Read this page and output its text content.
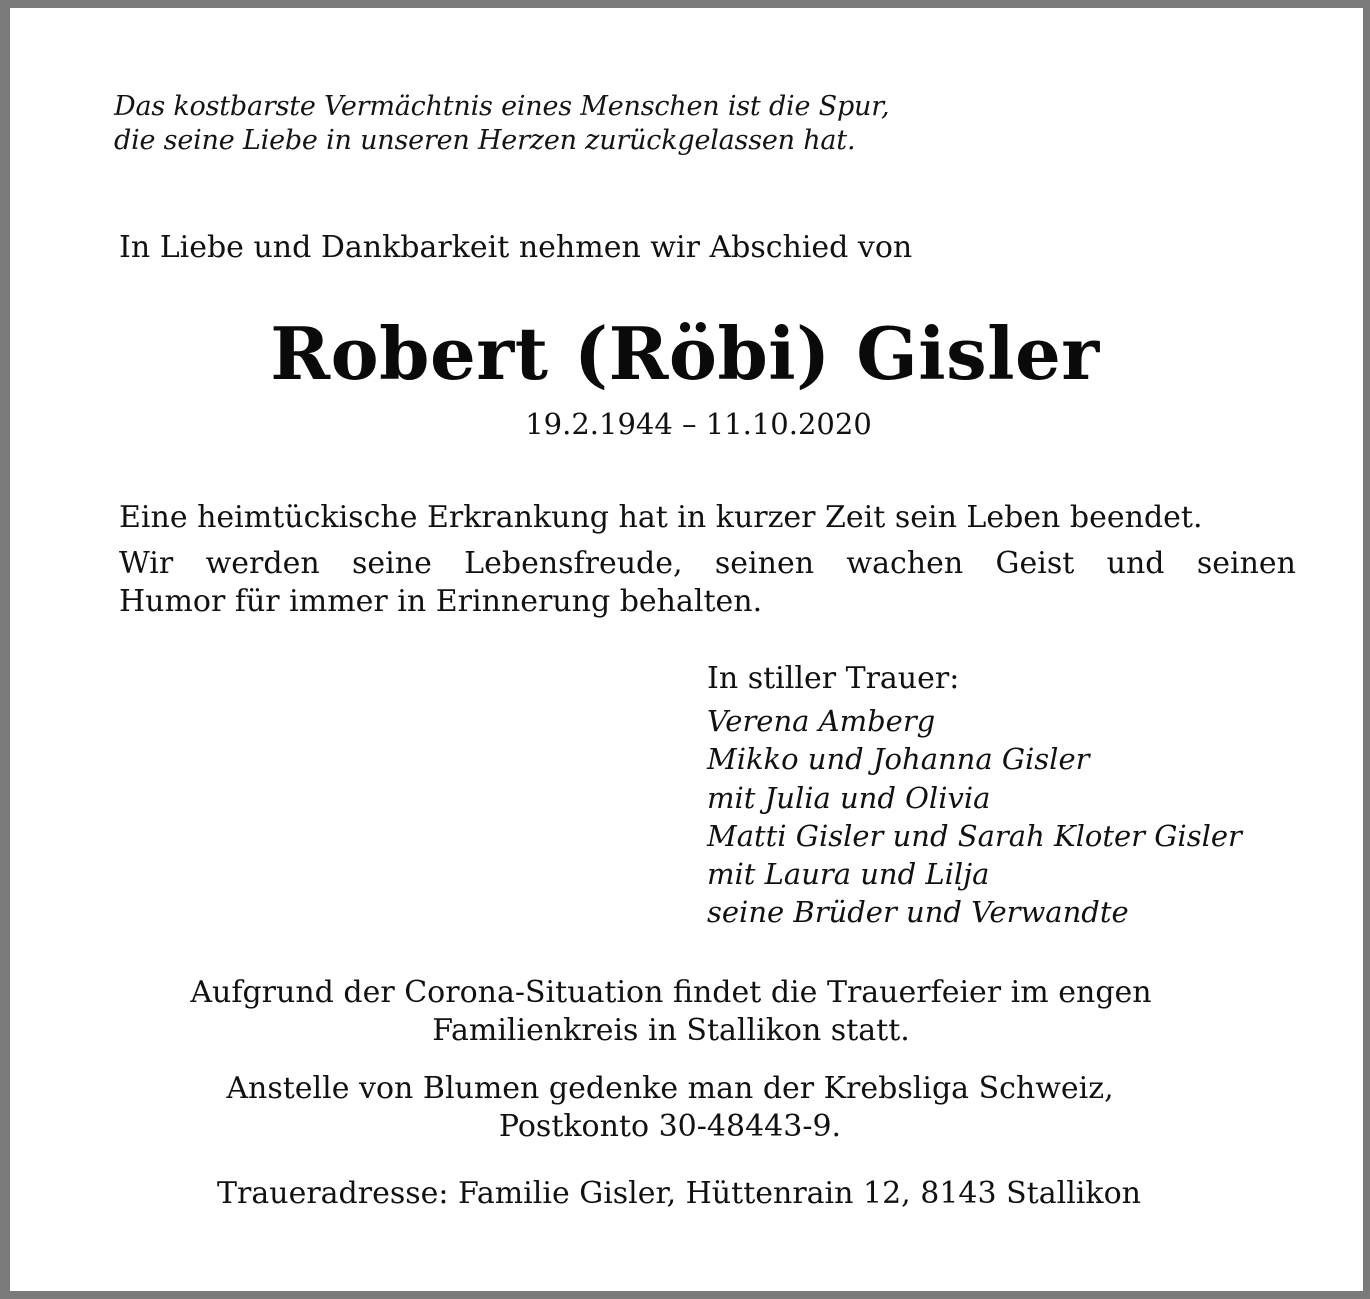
Das kostbarste Vermächtnis eines Menschen ist die Spur,
die seine Liebe in unseren Herzen zurückgelassen hat.
In Liebe und Dankbarkeit nehmen wir Abschied von
Robert (Röbi) Gisler
19.2.1944 – 11.10.2020
Eine heimtückische Erkrankung hat in kurzer Zeit sein Leben beendet.
Wir werden seine Lebensfreude, seinen wachen Geist und seinen
Humor für immer in Erinnerung behalten.
In stiller Trauer:
Verena Amberg
Mikko und Johanna Gisler
mit Julia und Olivia
Matti Gisler und Sarah Kloter Gisler
mit Laura und Lilja
seine Brüder und Verwandte
Aufgrund der Corona-Situation findet die Trauerfeier im engen
Familienkreis in Stallikon statt.
Anstelle von Blumen gedenke man der Krebsliga Schweiz,
Postkonto 30-48443-9.
Traueradresse: Familie Gisler, Hüttenrain 12, 8143 Stallikon
